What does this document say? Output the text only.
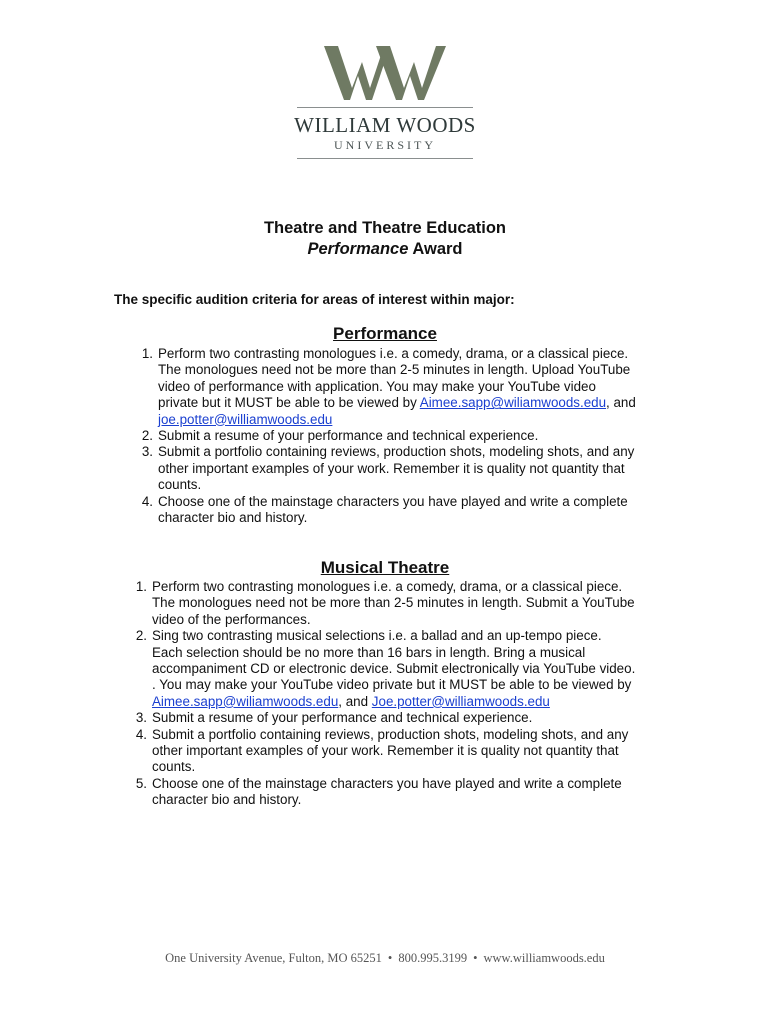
WW
WILLIAM WOODS
UNIVERSITY
Theatre and Theatre Education
Performance Award
The specific audition criteria for areas of interest within major:
Performance
1. Perform two contrasting monologues i.e. a comedy, drama, or a classical piece.
The monologues need not be more than 2-5 minutes in length. Upload YouTube
video of performance with application. You may make your YouTube video
private but it MUST be able to be viewed by Aimee.sapp@wiliamwoods.edu, and
joe.potter@williamwoods.edu
2. Submit a resume of your performance and technical experience.
3. Submit a portfolio containing reviews, production shots, modeling shots, and any
other important examples of your work. Remember it is quality not quantity that
counts.
4. Choose one of the mainstage characters you have played and write a complete
character bio and history.
Musical Theatre
1. Perform two contrasting monologues i.e. a comedy, drama, or a classical piece.
The monologues need not be more than 2-5 minutes in length. Submit a YouTube
video of the performances.
2. Sing two contrasting musical selections i.e. a ballad and an up-tempo piece.
Each selection should be no more than 16 bars in length. Bring a musical
accompaniment CD or electronic device. Submit electronically via YouTube video.
. You may make your YouTube video private but it MUST be able to be viewed by
Aimee.sapp@wiliamwoods.edu, and Joe.potter@williamwoods.edu
3. Submit a resume of your performance and technical experience.
4. Submit a portfolio containing reviews, production shots, modeling shots, and any
other important examples of your work. Remember it is quality not quantity that
counts.
5. Choose one of the mainstage characters you have played and write a complete
character bio and history.
One University Avenue, Fulton, MO 65251 • 800.995.3199 • www.williamwoods.edu
